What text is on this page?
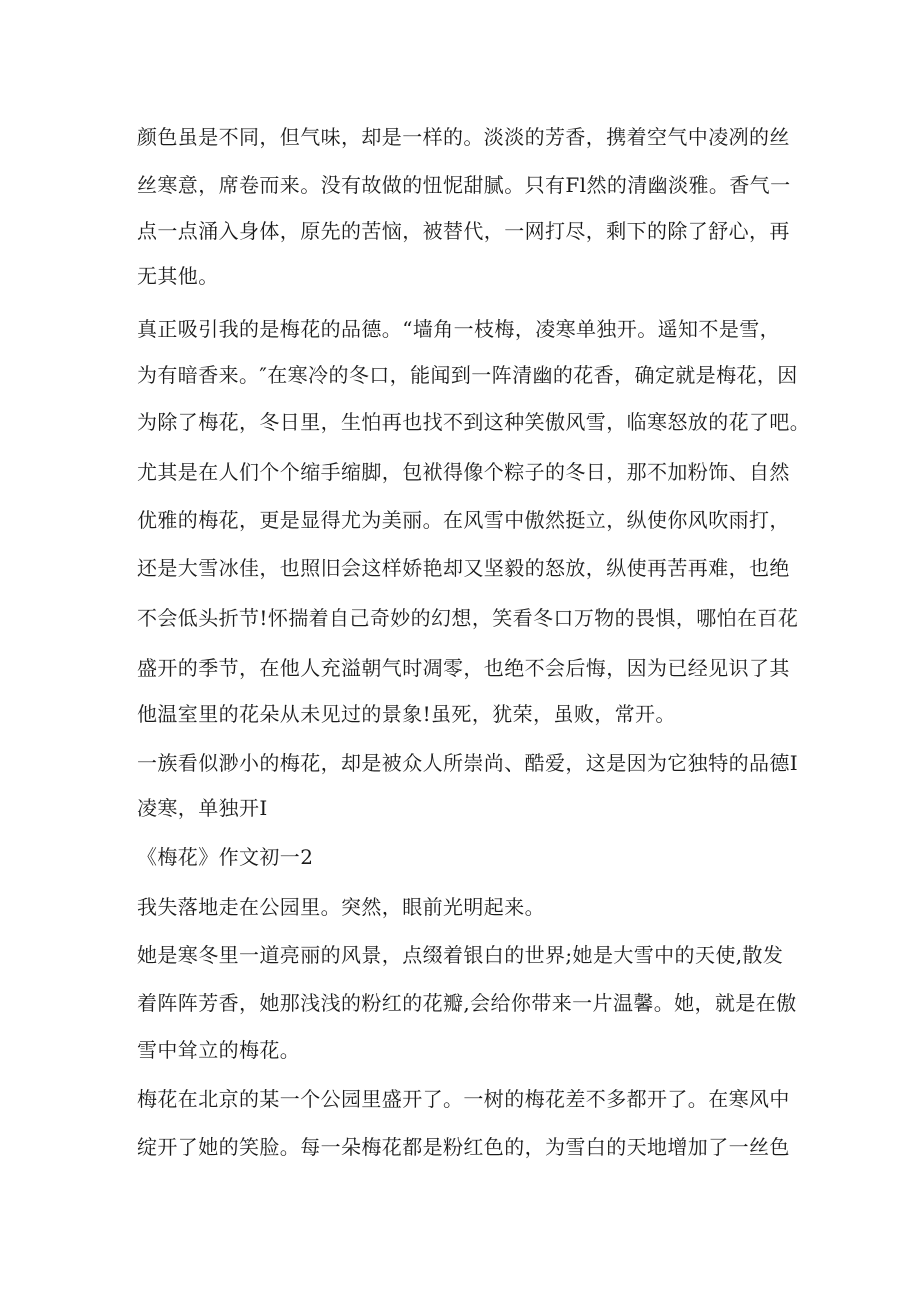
颜色虽是不同，但气味，却是一样的。淡淡的芳香，携着空气中凌冽的丝
丝寒意，席卷而来。没有故做的忸怩甜腻。只有Fl然的清幽淡雅。香气一
点一点涌入身体，原先的苦恼，被替代，一网打尽，剩下的除了舒心，再
无其他。
真正吸引我的是梅花的品德。“墙角一枝梅，凌寒单独开。遥知不是雪，
为有暗香来。″在寒冷的冬口，能闻到一阵清幽的花香，确定就是梅花，因
为除了梅花，冬日里，生怕再也找不到这种笑傲风雪，临寒怒放的花了吧。
尤其是在人们个个缩手缩脚，包袱得像个粽子的冬日，那不加粉饰、自然
优雅的梅花，更是显得尤为美丽。在风雪中傲然挺立，纵使你风吹雨打，
还是大雪冰佳，也照旧会这样娇艳却又坚毅的怒放，纵使再苦再难，也绝
不会低头折节!怀揣着自己奇妙的幻想，笑看冬口万物的畏惧，哪怕在百花
盛开的季节，在他人充溢朝气时凋零，也绝不会后悔，因为已经见识了其
他温室里的花朵从未见过的景象!虽死，犹荣，虽败，常开。
一族看似渺小的梅花，却是被众人所崇尚、酷爱，这是因为它独特的品德I
凌寒，单独开I
《梅花》作文初一2
我失落地走在公园里。突然，眼前光明起来。
她是寒冬里一道亮丽的风景，点缀着银白的世界;她是大雪中的天使,散发
着阵阵芳香，她那浅浅的粉红的花瓣,会给你带来一片温馨。她，就是在傲
雪中耸立的梅花。
梅花在北京的某一个公园里盛开了。一树的梅花差不多都开了。在寒风中
绽开了她的笑脸。每一朵梅花都是粉红色的，为雪白的天地增加了一丝色
